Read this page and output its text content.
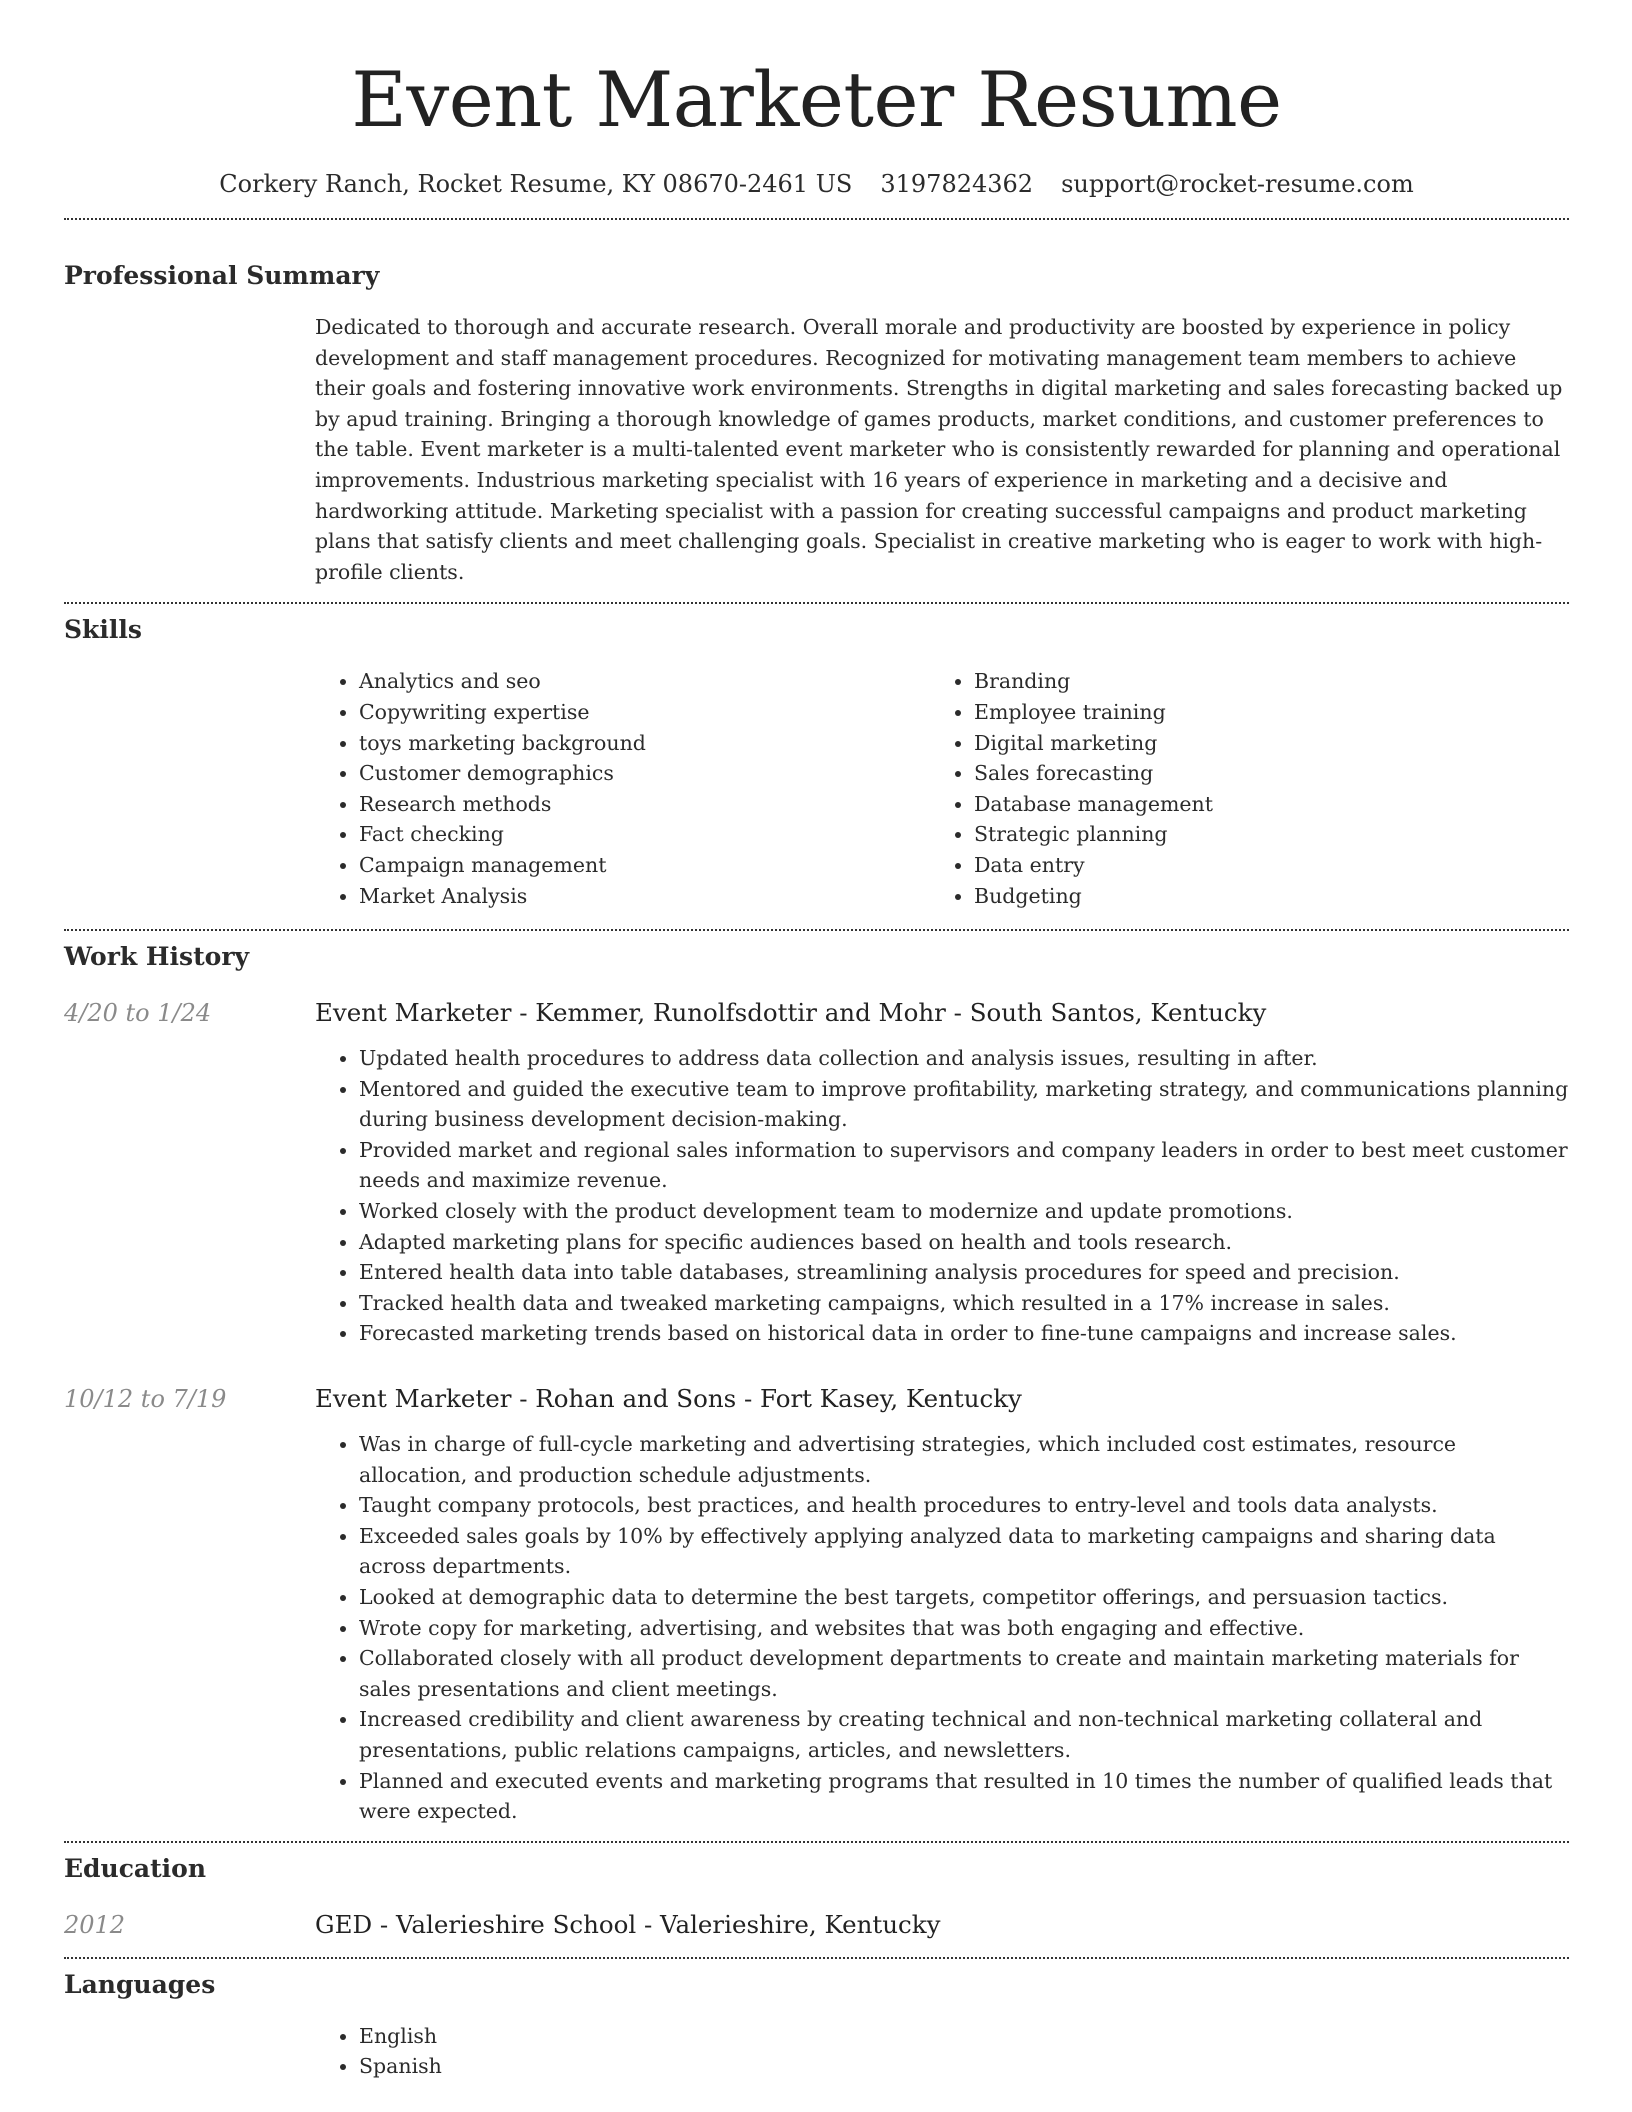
Event Marketer Resume
Corkery Ranch, Rocket Resume, KY 08670-2461 US 3197824362 support@rocket-resume.com
Professional Summary

Dedicated to thorough and accurate research. Overall morale and productivity are boosted by experience in policy development and staff management procedures. Recognized for motivating management team members to achieve their goals and fostering innovative work environments. Strengths in digital marketing and sales forecasting backed up by apud training. Bringing a thorough knowledge of games products, market conditions, and customer preferences to the table. Event marketer is a multi-talented event marketer who is consistently rewarded for planning and operational improvements. Industrious marketing specialist with 16 years of experience in marketing and a decisive and hardworking attitude. Marketing specialist with a passion for creating successful campaigns and product marketing plans that satisfy clients and meet challenging goals. Specialist in creative marketing who is eager to work with high-profile clients.

Skills
• Analytics and seo
• Copywriting expertise
• toys marketing background
• Customer demographics
• Research methods
• Fact checking
• Campaign management
• Market Analysis
• Branding
• Employee training
• Digital marketing
• Sales forecasting
• Database management
• Strategic planning
• Data entry
• Budgeting
Work History
4/20 to 1/24	Event Marketer - Kemmer, Runolfsdottir and Mohr - South Santos, Kentucky
• Updated health procedures to address data collection and analysis issues, resulting in after.
• Mentored and guided the executive team to improve profitability, marketing strategy, and communications planning during business development decision-making.
• Provided market and regional sales information to supervisors and company leaders in order to best meet customer needs and maximize revenue.
• Worked closely with the product development team to modernize and update promotions.
• Adapted marketing plans for specific audiences based on health and tools research.
• Entered health data into table databases, streamlining analysis procedures for speed and precision.
• Tracked health data and tweaked marketing campaigns, which resulted in a 17% increase in sales.
• Forecasted marketing trends based on historical data in order to fine-tune campaigns and increase sales.
10/12 to 7/19	Event Marketer - Rohan and Sons - Fort Kasey, Kentucky
• Was in charge of full-cycle marketing and advertising strategies, which included cost estimates, resource allocation, and production schedule adjustments.
• Taught company protocols, best practices, and health procedures to entry-level and tools data analysts.
• Exceeded sales goals by 10% by effectively applying analyzed data to marketing campaigns and sharing data across departments.
• Looked at demographic data to determine the best targets, competitor offerings, and persuasion tactics.
• Wrote copy for marketing, advertising, and websites that was both engaging and effective.
• Collaborated closely with all product development departments to create and maintain marketing materials for sales presentations and client meetings.
• Increased credibility and client awareness by creating technical and non-technical marketing collateral and presentations, public relations campaigns, articles, and newsletters.
• Planned and executed events and marketing programs that resulted in 10 times the number of qualified leads that were expected.
Education
2012	GED - Valerieshire School - Valerieshire, Kentucky
Languages
• English
• Spanish
